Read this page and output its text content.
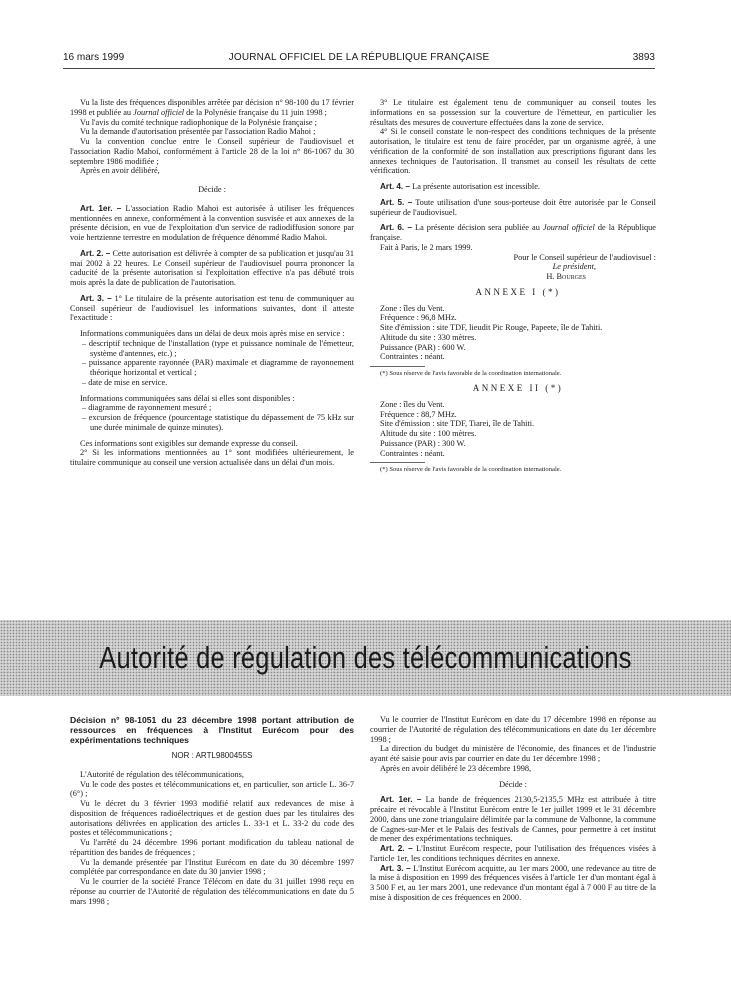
16 mars 1999	JOURNAL OFFICIEL DE LA RÉPUBLIQUE FRANÇAISE	3893

Vu la liste des fréquences disponibles arrêtée par décision n° 98-100 du 17 février 1998 et publiée au Journal officiel de la Polynésie française du 11 juin 1998 ;

Vu l'avis du comité technique radiophonique de la Polynésie française ;

Vu la demande d'autorisation présentée par l'association Radio Mahoi ;

Vu la convention conclue entre le Conseil supérieur de l'audiovisuel et l'association Radio Mahoi, conformément à l'article 28 de la loi n° 86-1067 du 30 septembre 1986 modifiée ;

Après en avoir délibéré,

Décide :

Art. 1er. – L'association Radio Mahoi est autorisée à utiliser les fréquences mentionnées en annexe, conformément à la convention susvisée et aux annexes de la présente décision, en vue de l'exploitation d'un service de radiodiffusion sonore par voie hertzienne terrestre en modulation de fréquence dénommé Radio Mahoi.

Art. 2. – Cette autorisation est délivrée à compter de sa publication et jusqu'au 31 mai 2002 à 22 heures. Le Conseil supérieur de l'audiovisuel pourra prononcer la caducité de la présente autorisation si l'exploitation effective n'a pas débuté trois mois après la date de publication de l'autorisation.

Art. 3. – 1° Le titulaire de la présente autorisation est tenu de communiquer au Conseil supérieur de l'audiovisuel les informations suivantes, dont il atteste l'exactitude :

Informations communiquées dans un délai de deux mois après mise en service :

– descriptif technique de l'installation (type et puissance nominale de l'émetteur, système d'antennes, etc.) ;

– puissance apparente rayonnée (PAR) maximale et diagramme de rayonnement théorique horizontal et vertical ;

– date de mise en service.

Informations communiquées sans délai si elles sont disponibles :

– diagramme de rayonnement mesuré ;

– excursion de fréquence (pourcentage statistique du dépassement de 75 kHz sur une durée minimale de quinze minutes).

Ces informations sont exigibles sur demande expresse du conseil.

2° Si les informations mentionnées au 1° sont modifiées ultérieurement, le titulaire communique au conseil une version actualisée dans un délai d'un mois.

3° Le titulaire est également tenu de communiquer au conseil toutes les informations en sa possession sur la couverture de l'émetteur, en particulier les résultats des mesures de couverture effectuées dans la zone de service.

4° Si le conseil constate le non-respect des conditions techniques de la présente autorisation, le titulaire est tenu de faire procéder, par un organisme agréé, à une vérification de la conformité de son installation aux prescriptions figurant dans les annexes techniques de l'autorisation. Il transmet au conseil les résultats de cette vérification.

Art. 4. – La présente autorisation est incessible.

Art. 5. – Toute utilisation d'une sous-porteuse doit être autorisée par le Conseil supérieur de l'audiovisuel.

Art. 6. – La présente décision sera publiée au Journal officiel de la République française.

Fait à Paris, le 2 mars 1999.

Pour le Conseil supérieur de l'audiovisuel :

Le président,

H. Bourges

ANNEXE I (*)

Zone : îles du Vent.

Fréquence : 96,8 MHz.

Site d'émission : site TDF, lieudit Pic Rouge, Papeete, île de Tahiti.

Altitude du site : 330 mètres.

Puissance (PAR) : 600 W.

Contraintes : néant.

(*) Sous réserve de l'avis favorable de la coordination internationale.

ANNEXE II (*)

Zone : îles du Vent.

Fréquence : 88,7 MHz.

Site d'émission : site TDF, Tiarei, île de Tahiti.

Altitude du site : 100 mètres.

Puissance (PAR) : 300 W.

Contraintes : néant.

(*) Sous réserve de l'avis favorable de la coordination internationale.

Autorité de régulation des télécommunications

Décision n° 98-1051 du 23 décembre 1998 portant attribution de ressources en fréquences à l'Institut Eurécom pour des expérimentations techniques

NOR : ARTL9800455S

L'Autorité de régulation des télécommunications,

Vu le code des postes et télécommunications et, en particulier, son article L. 36-7 (6°) ;

Vu le décret du 3 février 1993 modifié relatif aux redevances de mise à disposition de fréquences radioélectriques et de gestion dues par les titulaires des autorisations délivrées en application des articles L. 33-1 et L. 33-2 du code des postes et télécommunications ;

Vu l'arrêté du 24 décembre 1996 portant modification du tableau national de répartition des bandes de fréquences ;

Vu la demande présentée par l'Institut Eurécom en date du 30 décembre 1997 complétée par correspondance en date du 30 janvier 1998 ;

Vu le courrier de la société France Télécom en date du 31 juillet 1998 reçu en réponse au courrier de l'Autorité de régulation des télécommunications en date du 5 mars 1998 ;

Vu le courrier de l'Institut Eurécom en date du 17 décembre 1998 en réponse au courrier de l'Autorité de régulation des télécommunications en date du 1er décembre 1998 ;

La direction du budget du ministère de l'économie, des finances et de l'industrie ayant été saisie pour avis par courrier en date du 1er décembre 1998 ;

Après en avoir délibéré le 23 décembre 1998,

Décide :

Art. 1er. – La bande de fréquences 2130,5-2135,5 MHz est attribuée à titre précaire et révocable à l'Institut Eurécom entre le 1er juillet 1999 et le 31 décembre 2000, dans une zone triangulaire délimitée par la commune de Valbonne, la commune de Cagnes-sur-Mer et le Palais des festivals de Cannes, pour permettre à cet institut de mener des expérimentations techniques.

Art. 2. – L'Institut Eurécom respecte, pour l'utilisation des fréquences visées à l'article 1er, les conditions techniques décrites en annexe.

Art. 3. – L'Institut Eurécom acquitte, au 1er mars 2000, une redevance au titre de la mise à disposition en 1999 des fréquences visées à l'article 1er d'un montant égal à 3 500 F et, au 1er mars 2001, une redevance d'un montant égal à 7 000 F au titre de la mise à disposition de ces fréquences en 2000.
